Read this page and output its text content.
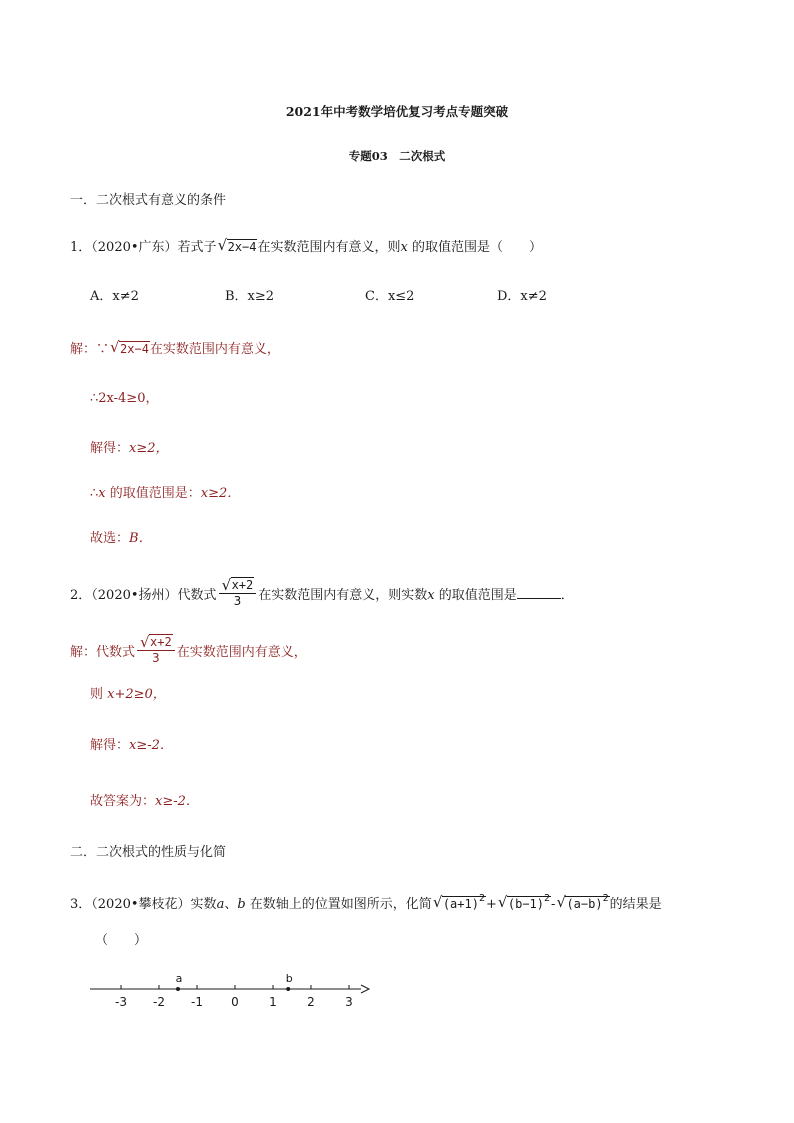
2021年中考数学培优复习考点专题突破
专题03　二次根式
一．二次根式有意义的条件
1．（2020•广东）若式子 √ 2x−4在实数范围内有意义，则x 的取值范围是（　　）
A．x≠2	B．x≥2	C．x≤2	D．x≠2
解：∵ √ 2x−4在实数范围内有意义，
∴2x-4≥0，
解得：x≥2，
∴x 的取值范围是：x≥2．
故选：B．
2．（2020•扬州）代数式 $\frac{√ x+2}{3}$ 在实数范围内有意义，则实数x 的取值范围是	．
解：代数式 $\frac{√ x+2}{3}$ 在实数范围内有意义，
则 x+2≥0，
解得：x≥-2．
故答案为：x≥-2．
二．二次根式的性质与化简
3．（2020•攀枝花）实数a、b 在数轴上的位置如图所示，化简 √ $(a+1)^2+$ √ $(b-1)^2-$ √ $(a-b)^2$的结果是
（　　）
-3 -2 -1 0	1	2	3
a	b
